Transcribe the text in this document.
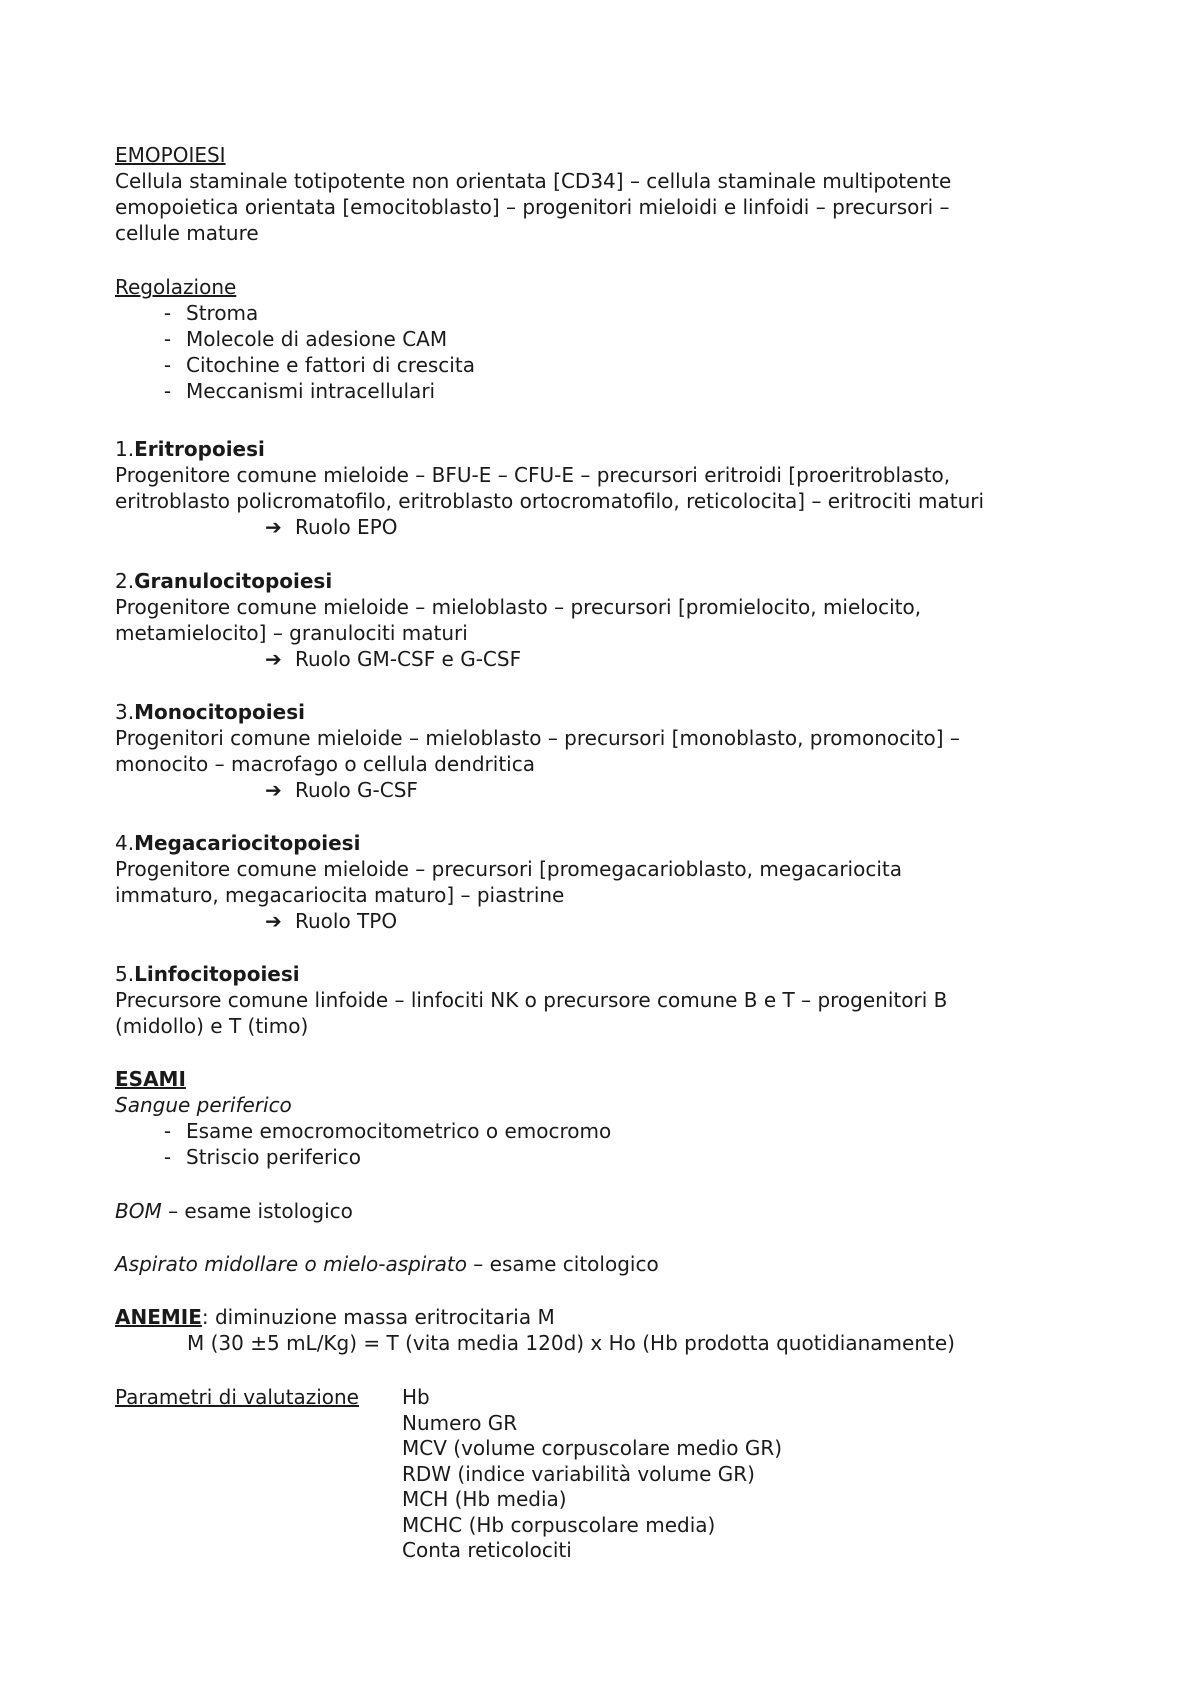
EMOPOIESI
Cellula staminale totipotente non orientata [CD34] – cellula staminale multipotente
emopoietica orientata [emocitoblasto] – progenitori mieloidi e linfoidi – precursori –
cellule mature
Regolazione
- Stroma
- Molecole di adesione CAM
- Citochine e fattori di crescita
- Meccanismi intracellulari
1.Eritropoiesi
Progenitore comune mieloide – BFU-E – CFU-E – precursori eritroidi [proeritroblasto,
eritroblasto policromatofilo, eritroblasto ortocromatofilo, reticolocita] – eritrociti maturi
➔ Ruolo EPO
2.Granulocitopoiesi
Progenitore comune mieloide – mieloblasto – precursori [promielocito, mielocito,
metamielocito] – granulociti maturi
➔ Ruolo GM-CSF e G-CSF
3.Monocitopoiesi
Progenitori comune mieloide – mieloblasto – precursori [monoblasto, promonocito] –
monocito – macrofago o cellula dendritica
➔ Ruolo G-CSF
4.Megacariocitopoiesi
Progenitore comune mieloide – precursori [promegacarioblasto, megacariocita
immaturo, megacariocita maturo] – piastrine
➔ Ruolo TPO
5.Linfocitopoiesi
Precursore comune linfoide – linfociti NK o precursore comune B e T – progenitori B
(midollo) e T (timo)
ESAMI
Sangue periferico
- Esame emocromocitometrico o emocromo
- Striscio periferico
BOM – esame istologico
Aspirato midollare o mielo-aspirato – esame citologico
ANEMIE: diminuzione massa eritrocitaria M
M (30 ±5 mL/Kg) = T (vita media 120d) x Ho (Hb prodotta quotidianamente)
Parametri di valutazione Hb
Numero GR
MCV (volume corpuscolare medio GR)
RDW (indice variabilità volume GR)
MCH (Hb media)
MCHC (Hb corpuscolare media)
Conta reticolociti
